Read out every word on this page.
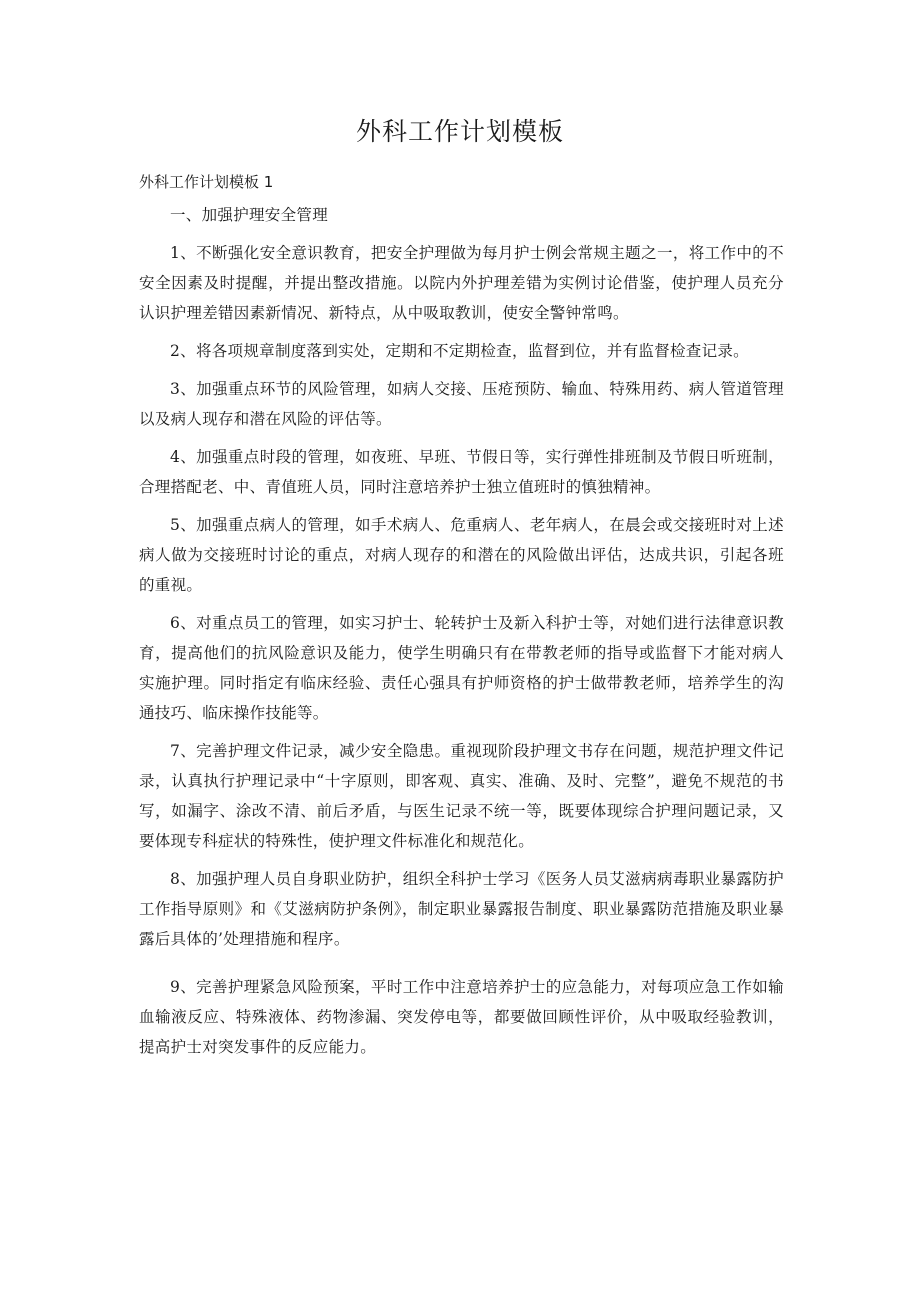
外科工作计划模板

外科工作计划模板 1

一、加强护理安全管理

1、不断强化安全意识教育，把安全护理做为每月护士例会常规主题之一，将工作中的不安全因素及时提醒，并提出整改措施。以院内外护理差错为实例讨论借鉴，使护理人员充分认识护理差错因素新情况、新特点，从中吸取教训，使安全警钟常鸣。

2、将各项规章制度落到实处，定期和不定期检查，监督到位，并有监督检查记录。

3、加强重点环节的风险管理，如病人交接、压疮预防、输血、特殊用药、病人管道管理以及病人现存和潜在风险的评估等。

4、加强重点时段的管理，如夜班、早班、节假日等，实行弹性排班制及节假日听班制，合理搭配老、中、青值班人员，同时注意培养护士独立值班时的慎独精神。

5、加强重点病人的管理，如手术病人、危重病人、老年病人，在晨会或交接班时对上述病人做为交接班时讨论的重点，对病人现存的和潜在的风险做出评估，达成共识，引起各班的重视。

6、对重点员工的管理，如实习护士、轮转护士及新入科护士等，对她们进行法律意识教育，提高他们的抗风险意识及能力，使学生明确只有在带教老师的指导或监督下才能对病人实施护理。同时指定有临床经验、责任心强具有护师资格的护士做带教老师，培养学生的沟通技巧、临床操作技能等。

7、完善护理文件记录，减少安全隐患。重视现阶段护理文书存在问题，规范护理文件记录，认真执行护理记录中“十字原则，即客观、真实、准确、及时、完整”，避免不规范的书写，如漏字、涂改不清、前后矛盾，与医生记录不统一等，既要体现综合护理问题记录，又要体现专科症状的特殊性，使护理文件标准化和规范化。

8、加强护理人员自身职业防护，组织全科护士学习《医务人员艾滋病病毒职业暴露防护工作指导原则》和《艾滋病防护条例》，制定职业暴露报告制度、职业暴露防范措施及职业暴露后具体的’处理措施和程序。

9、完善护理紧急风险预案，平时工作中注意培养护士的应急能力，对每项应急工作如输血输液反应、特殊液体、药物渗漏、突发停电等，都要做回顾性评价，从中吸取经验教训，提高护士对突发事件的反应能力。
